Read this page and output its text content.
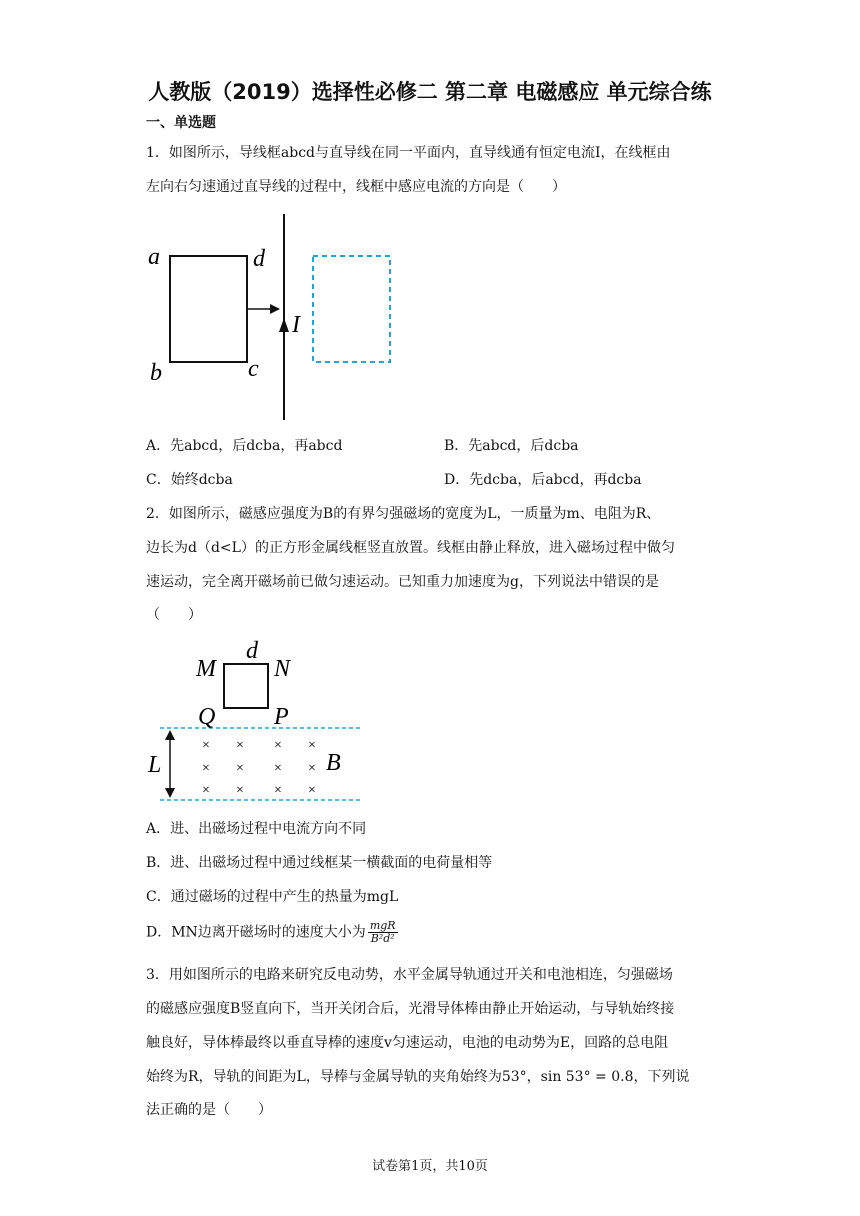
人教版（2019）选择性必修二 第二章 电磁感应 单元综合练
一、单选题
1．如图所示，导线框abcd与直导线在同一平面内，直导线通有恒定电流I，在线框由
左向右匀速通过直导线的过程中，线框中感应电流的方向是（　　）
a	d
b	c
I
A．先abcd，后dcba，再abcd	B．先abcd，后dcba
C．始终dcba	D．先dcba，后abcd，再dcba
2．如图所示，磁感应强度为B的有界匀强磁场的宽度为L，一质量为m、电阻为R、
边长为d（d<L）的正方形金属线框竖直放置。线框由静止释放，进入磁场过程中做匀
速运动，完全离开磁场前已做匀速运动。已知重力加速度为g，下列说法中错误的是
（　　）
d
M N
Q P
L	B
× × × ×
× × × ×
× × × ×
A．进、出磁场过程中电流方向不同
B．进、出磁场过程中通过线框某一横截面的电荷量相等
C．通过磁场的过程中产生的热量为mgL
D．MN边离开磁场时的速度大小为 $\frac{\text{mgR}}{\text{B²d²}}$
3．用如图所示的电路来研究反电动势，水平金属导轨通过开关和电池相连，匀强磁场
的磁感应强度B竖直向下，当开关闭合后，光滑导体棒由静止开始运动，与导轨始终接
触良好，导体棒最终以垂直导棒的速度v匀速运动，电池的电动势为E，回路的总电阻
始终为R，导轨的间距为L，导棒与金属导轨的夹角始终为53°，sin 53° = 0.8，下列说
法正确的是（　　）
试卷第1页，共10页
